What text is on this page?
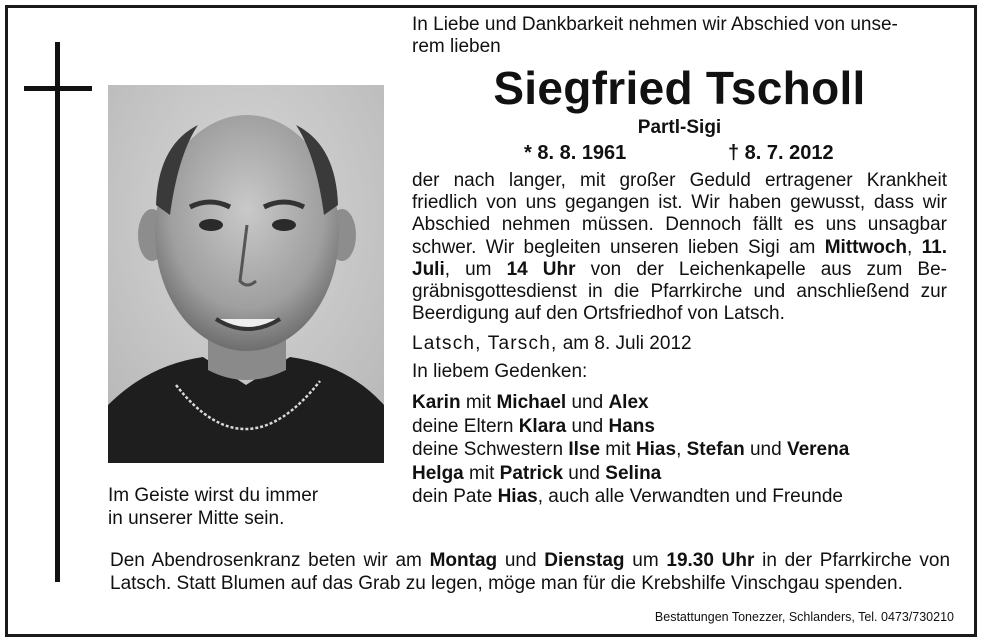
Im Geiste wirst du immer
in unserer Mitte sein.
In Liebe und Dankbarkeit nehmen wir Abschied von unse-
rem lieben
Siegfried Tscholl
Partl-Sigi
* 8. 8. 1961	† 8. 7. 2012
der nach langer, mit großer Geduld ertragener Krankheit friedlich von uns gegangen ist. Wir haben gewusst, dass wir Abschied nehmen müssen. Dennoch fällt es uns unsagbar schwer. Wir begleiten unseren lieben Sigi am Mittwoch, 11. Juli, um 14 Uhr von der Leichenkapelle aus zum Begräbnisgottesdienst in die Pfarrkirche und anschließend zur Beerdigung auf den Ortsfriedhof von Latsch.
Latsch, Tarsch, am 8. Juli 2012
In liebem Gedenken:
Karin mit Michael und Alex
deine Eltern Klara und Hans
deine Schwestern Ilse mit Hias, Stefan und Verena
Helga mit Patrick und Selina
dein Pate Hias, auch alle Verwandten und Freunde
Den Abendrosenkranz beten wir am Montag und Dienstag um 19.30 Uhr in der Pfarrkirche von Latsch. Statt Blumen auf das Grab zu legen, möge man für die Krebshilfe Vinschgau spenden.
Bestattungen Tonezzer, Schlanders, Tel. 0473/730210
